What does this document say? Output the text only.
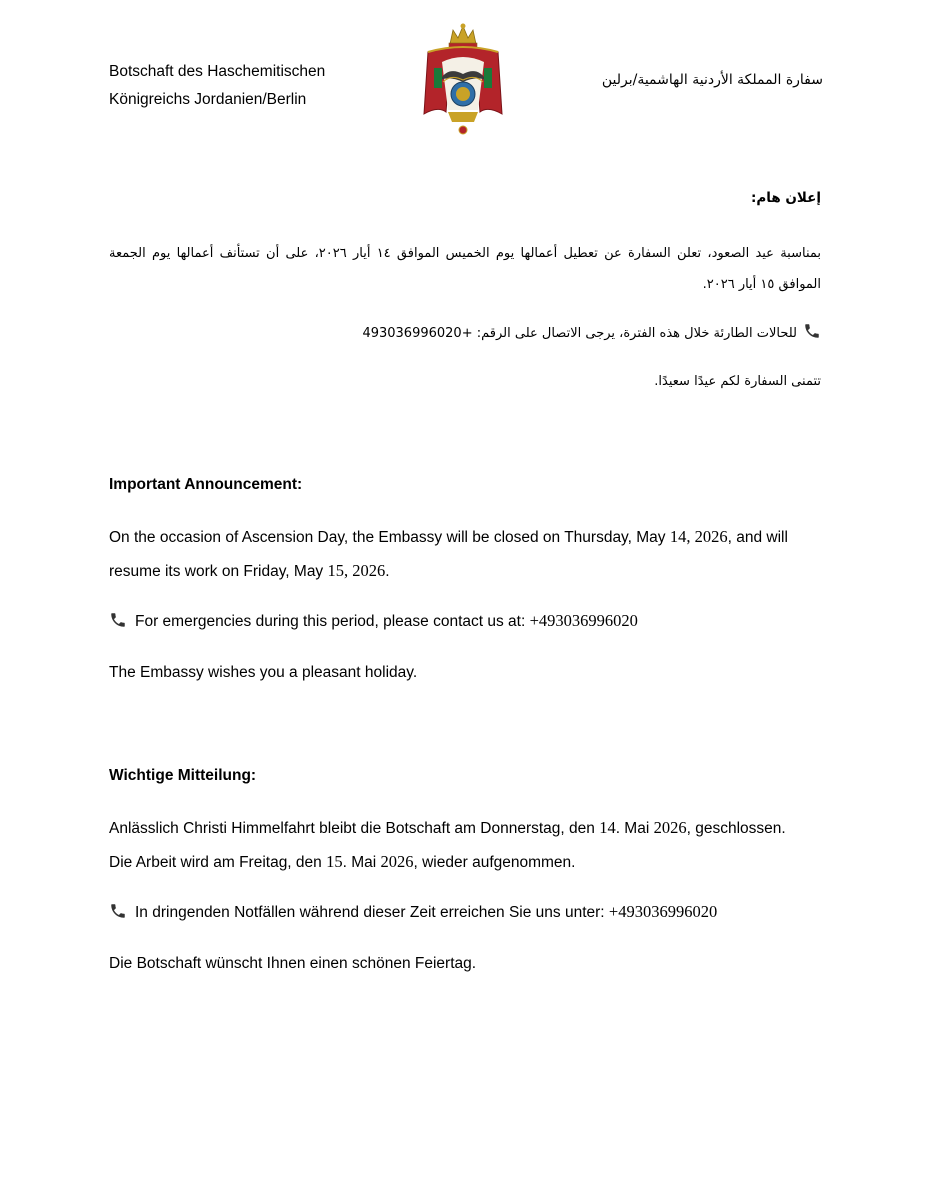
Botschaft des Haschemitischen
Königreichs Jordanien/Berlin
سفارة المملكة الأردنية الهاشمية/برلين
إعلان هام:
بمناسبة عيد الصعود، تعلن السفارة عن تعطيل أعمالها يوم الخميس الموافق ١٤ أيار ٢٠٢٦، على أن تستأنف أعمالها يوم الجمعة الموافق ١٥ أيار ٢٠٢٦.
للحالات الطارئة خلال هذه الفترة، يرجى الاتصال على الرقم: +493036996020
تتمنى السفارة لكم عيدًا سعيدًا.
Important Announcement:
On the occasion of Ascension Day, the Embassy will be closed on Thursday, May 14, 2026, and will
resume its work on Friday, May 15, 2026.
For emergencies during this period, please contact us at: +493036996020
The Embassy wishes you a pleasant holiday.
Wichtige Mitteilung:
Anlässlich Christi Himmelfahrt bleibt die Botschaft am Donnerstag, den 14. Mai 2026, geschlossen.
Die Arbeit wird am Freitag, den 15. Mai 2026, wieder aufgenommen.
In dringenden Notfällen während dieser Zeit erreichen Sie uns unter: +493036996020
Die Botschaft wünscht Ihnen einen schönen Feiertag.
